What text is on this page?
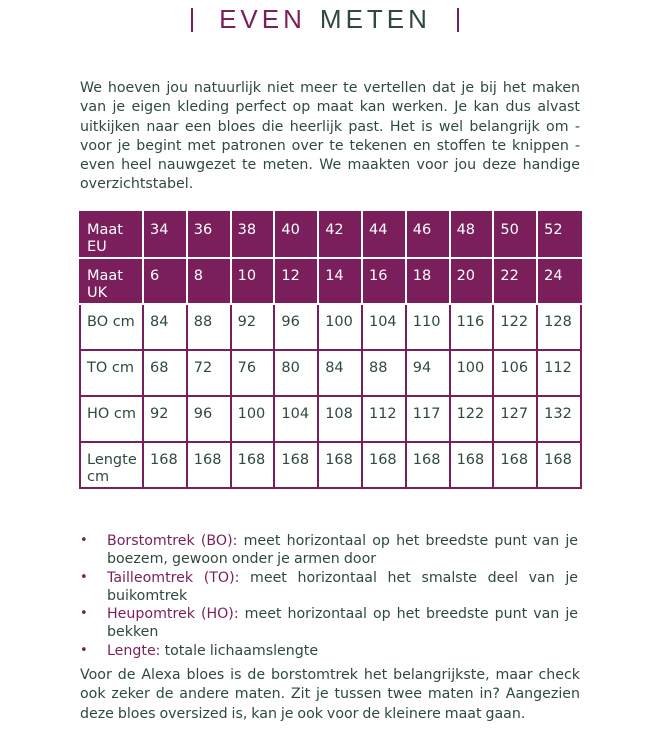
EVEN METEN

We hoeven jou natuurlijk niet meer te vertellen dat je bij het maken van je eigen kleding perfect op maat kan werken. Je kan dus alvast uitkijken naar een bloes die heerlijk past. Het is wel belangrijk om - voor je begint met patronen over te tekenen en stoffen te knippen - even heel nauwgezet te meten. We maakten voor jou deze handige overzichtstabel.

Maat EU	34	36	38	40	42	44	46	48	50	52
Maat UK	6	8	10	12	14	16	18	20	22	24
BO cm	84	88	92	96	100	104	110	116	122	128
TO cm	68	72	76	80	84	88	94	100	106	112
HO cm	92	96	100	104	108	112	117	122	127	132
Lengte cm	168	168	168	168	168	168	168	168	168	168
• Borstomtrek (BO): meet horizontaal op het breedste punt van je boezem, gewoon onder je armen door
• Tailleomtrek (TO): meet horizontaal het smalste deel van je buikomtrek
• Heupomtrek (HO): meet horizontaal op het breedste punt van je bekken
• Lengte: totale lichaamslengte

Voor de Alexa bloes is de borstomtrek het belangrijkste, maar check ook zeker de andere maten. Zit je tussen twee maten in? Aangezien deze bloes oversized is, kan je ook voor de kleinere maat gaan.
